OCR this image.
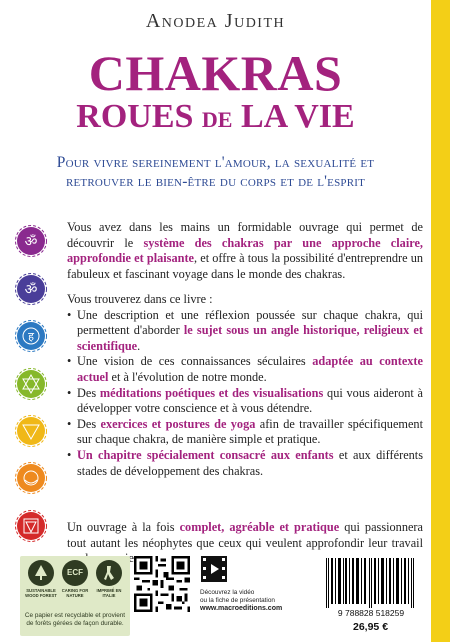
Anodea Judith
CHAKRAS
ROUES DE LA VIE
Pour vivre sereinement l'amour, la sexualité et
retrouver le bien-être du corps et de l'esprit
ॐ
ॐ
ह
Vous avez dans les mains un formidable ouvrage qui permet de découvrir le système des chakras par une approche claire, approfondie et plaisante, et offre à tous la possibilité d'entreprendre un fabuleux et fascinant voyage dans le monde des chakras.
Vous trouverez dans ce livre :
• Une description et une réflexion poussée sur chaque chakra, qui permettent d'aborder le sujet sous un angle historique, religieux et scientifique.
• Une vision de ces connaissances séculaires adaptée au contexte actuel et à l'évolution de notre monde.
• Des méditations poétiques et des visualisations qui vous aideront à développer votre conscience et à vous détendre.
• Des exercices et postures de yoga afin de travailler spécifiquement sur chaque chakra, de manière simple et pratique.
• Un chapitre spécialement consacré aux enfants et aux différents stades de développement des chakras.
Un ouvrage à la fois complet, agréable et pratique qui passionnera tout autant les néophytes que ceux qui veulent approfondir leur travail
ECF
SUSTAINABLE WOOD FOREST
CARING FOR NATURE
IMPRIMÉ EN ITALIE
Ce papier est recyclable et provient de forêts gérées de façon durable.
Découvrez la vidéo
ou la fiche de présentation
www.macroeditions.com	9 788828 518259
26,95 €
